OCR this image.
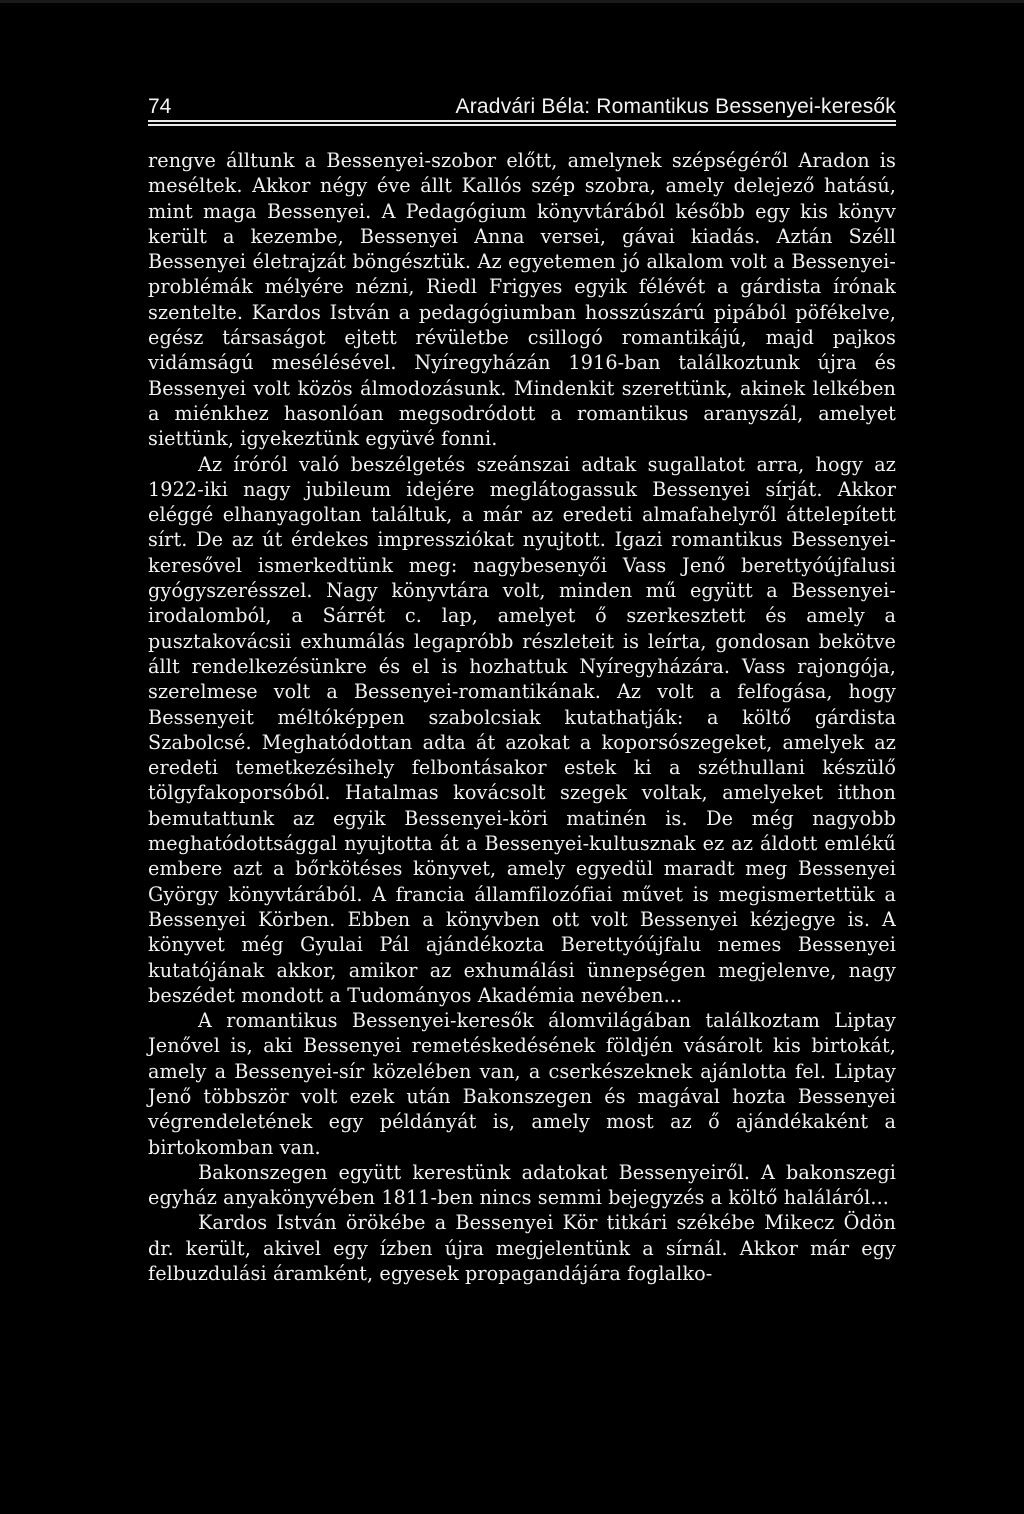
74	Aradvári Béla: Romantikus Bessenyei-keresők

rengve álltunk a Bessenyei-szobor előtt, amelynek szépségéről Aradon is meséltek. Akkor négy éve állt Kallós szép szobra, amely delejező hatású, mint maga Bessenyei. A Pedagógium könyvtárából később egy kis könyv került a kezembe, Bessenyei Anna versei, gávai kiadás. Aztán Széll Bessenyei életrajzát böngésztük. Az egyetemen jó alkalom volt a Bessenyei-problémák mélyére nézni, Riedl Frigyes egyik félévét a gárdista írónak szentelte. Kardos István a pedagógiumban hosszúszárú pipából pöfékelve, egész társaságot ejtett révületbe csillogó romantikájú, majd pajkos vidámságú mesélésével. Nyíregyházán 1916-ban találkoztunk újra és Bessenyei volt közös álmodozásunk. Mindenkit szerettünk, akinek lelkében a miénkhez hasonlóan megsodródott a romantikus aranyszál, amelyet siettünk, igyekeztünk együvé fonni.

Az íróról való beszélgetés szeánszai adtak sugallatot arra, hogy az 1922-iki nagy jubileum idejére meglátogassuk Bessenyei sírját. Akkor eléggé elhanyagoltan találtuk, a már az eredeti almafahelyről áttelepített sírt. De az út érdekes impressziókat nyujtott. Igazi romantikus Bessenyei-keresővel ismerkedtünk meg: nagybesenyői Vass Jenő berettyóújfalusi gyógyszerésszel. Nagy könyvtára volt, minden mű együtt a Bessenyei-irodalomból, a Sárrét c. lap, amelyet ő szerkesztett és amely a pusztakovácsii exhumálás legapróbb részleteit is leírta, gondosan bekötve állt rendelkezésünkre és el is hozhattuk Nyíregyházára. Vass rajongója, szerelmese volt a Bessenyei-romantikának. Az volt a felfogása, hogy Bessenyeit méltóképpen szabolcsiak kutathatják: a költő gárdista Szabolcsé. Meghatódottan adta át azokat a koporsószegeket, amelyek az eredeti temetkezésihely felbontásakor estek ki a széthullani készülő tölgyfakoporsóból. Hatalmas kovácsolt szegek voltak, amelyeket itthon bemutattunk az egyik Bessenyei-köri matinén is. De még nagyobb meghatódottsággal nyujtotta át a Bessenyei-kultusznak ez az áldott emlékű embere azt a bőrkötéses könyvet, amely egyedül maradt meg Bessenyei György könyvtárából. A francia államfilozófiai művet is megismertettük a Bessenyei Körben. Ebben a könyvben ott volt Bessenyei kézjegye is. A könyvet még Gyulai Pál ajándékozta Berettyóújfalu nemes Bessenyei kutatójának akkor, amikor az exhumálási ünnepségen megjelenve, nagy beszédet mondott a Tudományos Akadémia nevében...

A romantikus Bessenyei-keresők álomvilágában találkoztam Liptay Jenővel is, aki Bessenyei remetéskedésének földjén vásárolt kis birtokát, amely a Bessenyei-sír közelében van, a cserkészeknek ajánlotta fel. Liptay Jenő többször volt ezek után Bakonszegen és magával hozta Bessenyei végrendeletének egy példányát is, amely most az ő ajándékaként a birtokomban van.

Bakonszegen együtt kerestünk adatokat Bessenyeiről. A bakonszegi egyház anyakönyvében 1811-ben nincs semmi bejegyzés a költő haláláról...

Kardos István örökébe a Bessenyei Kör titkári székébe Mikecz Ödön dr. került, akivel egy ízben újra megjelentünk a sírnál. Akkor már egy felbuzdulási áramként, egyesek propagandájára foglalko-
